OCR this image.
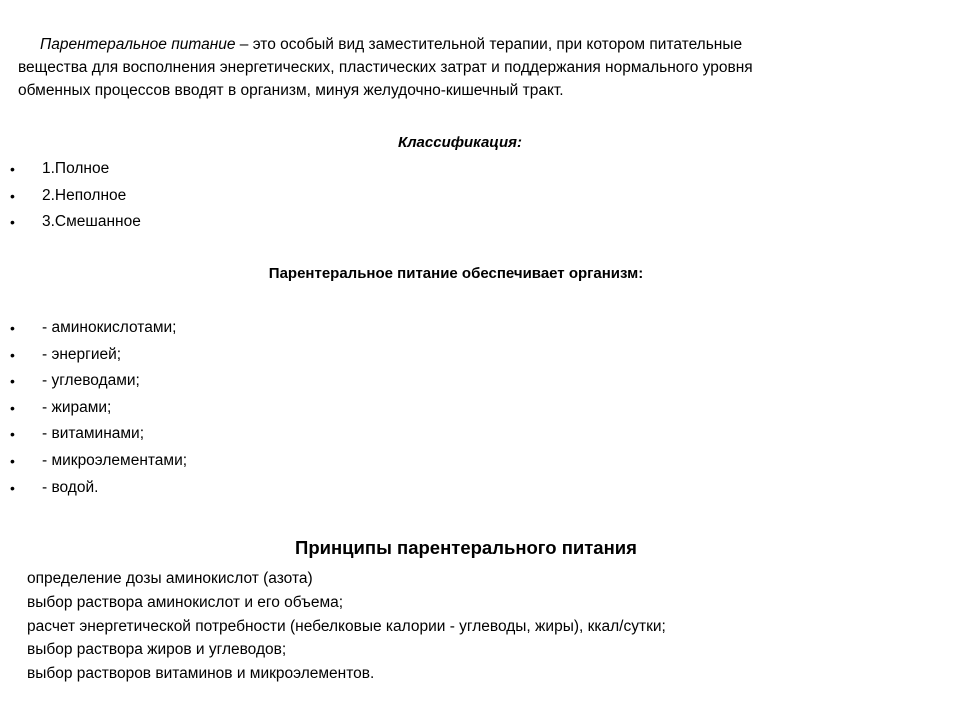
Парентеральное питание – это особый вид заместительной терапии, при котором питательные
вещества для восполнения энергетических, пластических затрат и поддержания нормального уровня
обменных процессов вводят в организм, минуя желудочно-кишечный тракт.
Классификация:
• 1.Полное
• 2.Неполное
• 3.Смешанное
Парентеральное питание обеспечивает организм:
• - аминокислотами;
• - энергией;
• - углеводами;
• - жирами;
• - витаминами;
• - микроэлементами;
• - водой.
Принципы парентерального питания
определение дозы аминокислот (азота)
выбор раствора аминокислот и его объема;
расчет энергетической потребности (небелковые калории - углеводы, жиры), ккал/сутки;
выбор раствора жиров и углеводов;
выбор растворов витаминов и микроэлементов.
